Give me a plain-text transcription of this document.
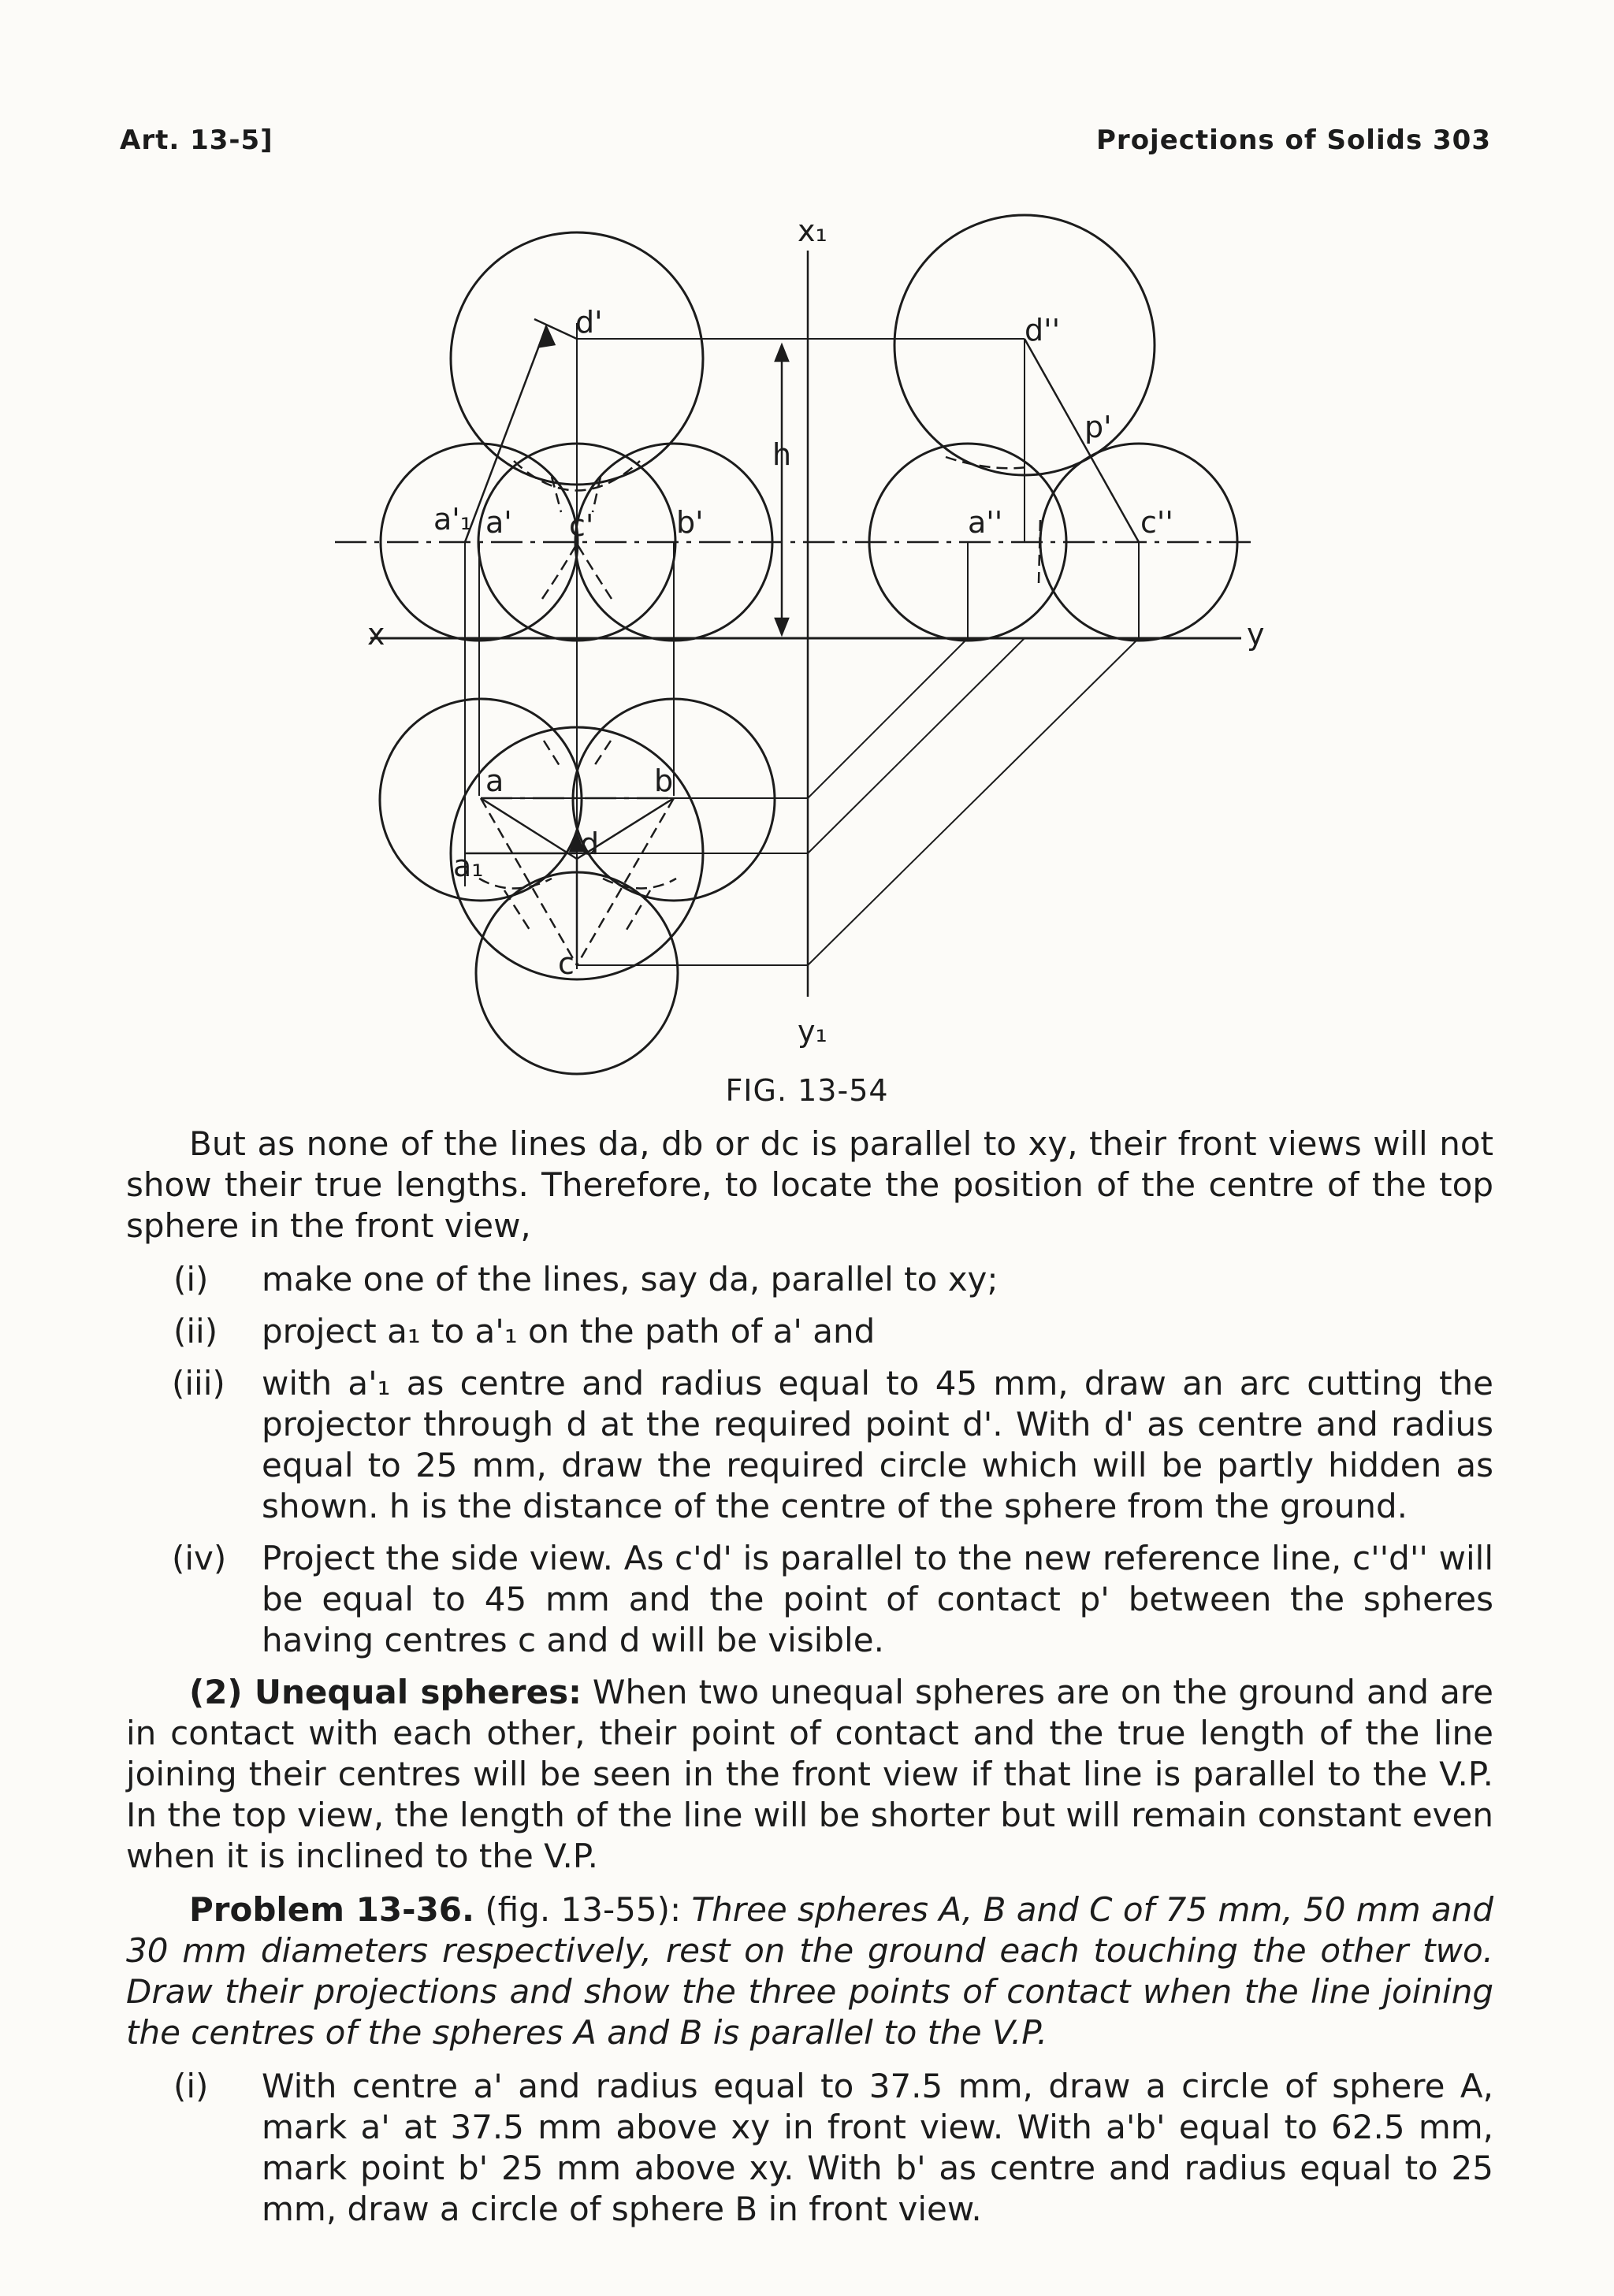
Art. 13-5]	Projections of Solids 303
x₁
y₁
x	y
h
d'
a'₁ a' c'	b'
d''
p'
a''	c''
a	b
a₁
d
c
FIG. 13-54

But as none of the lines da, db or dc is parallel to xy, their front views will not show their true lengths. Therefore, to locate the position of the centre of the top sphere in the front view,

(i) make one of the lines, say da, parallel to xy;
(ii) project a₁ to a'₁ on the path of a' and
(iii) with a'₁ as centre and radius equal to 45 mm, draw an arc cutting the projector through d at the required point d'. With d' as centre and radius equal to 25 mm, draw the required circle which will be partly hidden as shown. h is the distance of the centre of the sphere from the ground.
(iv) Project the side view. As c'd' is parallel to the new reference line, c''d'' will be equal to 45 mm and the point of contact p' between the spheres having centres c and d will be visible.

(2) Unequal spheres: When two unequal spheres are on the ground and are in contact with each other, their point of contact and the true length of the line joining their centres will be seen in the front view if that line is parallel to the V.P. In the top view, the length of the line will be shorter but will remain constant even when it is inclined to the V.P.

Problem 13-36. (fig. 13-55): Three spheres A, B and C of 75 mm, 50 mm and 30 mm diameters respectively, rest on the ground each touching the other two. Draw their projections and show the three points of contact when the line joining the centres of the spheres A and B is parallel to the V.P.

(i) With centre a' and radius equal to 37.5 mm, draw a circle of sphere A, mark a' at 37.5 mm above xy in front view. With a'b' equal to 62.5 mm, mark point b' 25 mm above xy. With b' as centre and radius equal to 25 mm, draw a circle of sphere B in front view.
